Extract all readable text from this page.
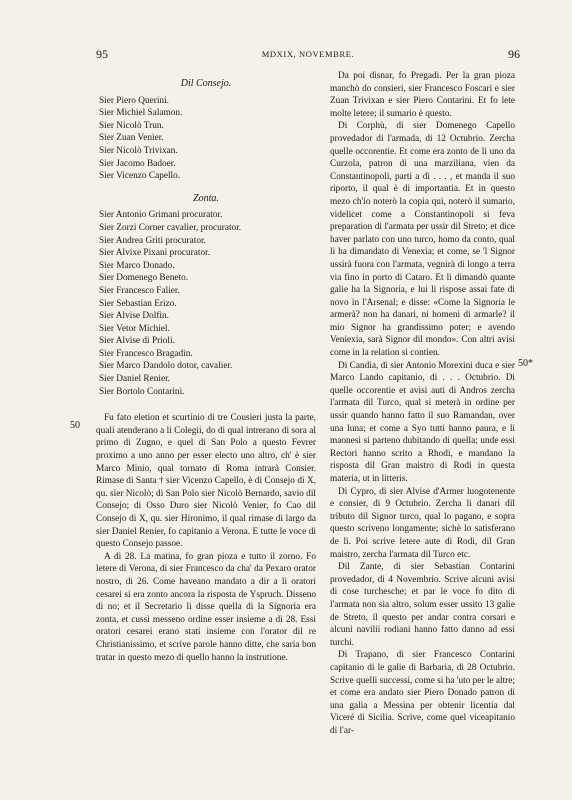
95	MDXIX, NOVEMBRE.	96
Dil Consejo.
Sier Piero Querini.
Sier Michiel Salamon.
Sier Nicolò Trun.
Sier Zuan Venier.
Sier Nicolò Trivixan.
Sier Jacomo Badoer.
Sier Vicenzo Capello.
Zonta.
Sier Antonio Grimani procurator.
Sier Zorzi Corner cavalier, procurator.
Sier Andrea Griti procurator.
Sier Alvixe Pixani procurator.
Sier Marco Donado.
Sier Domenego Beneto.
Sier Francesco Falier.
Sier Sebastian Erizo.
Sier Alvise Dolfin.
Sier Vetor Michiel.
Sier Alvise di Prioli.
Sier Francesco Bragadin.
Sier Marco Dandolo dotor, cavalier.
Sier Daniel Renier.
Sier Bortolo Contarini.

Fu fato eletion et scurtinio di tre Cousieri justa la parte, quali atenderano a li Colegii, do di qual intrerano di sora al primo di Zugno, e quel di San Polo a questo Fevrer proximo a uno anno per esser electo uno altro, ch' è sier Marco Minio, qual tornato di Roma intrarà Consier. Rimase di Santa † sier Vicenzo Capello, è di Consejo di X, qu. sier Nicolò; di San Polo sier Nicolò Bernardo, savio dil Consejo; di Osso Duro sier Nicolò Venier, fo Cao dil Consejo di X, qu. sier Hironimo, il qual rimase di largo da sier Daniel Renier, fo capitanio a Verona. E tutte le voce di questo Consejo passoe.

A dì 28. La matina, fo gran pioza e tutto il zorno. Fo letere di Verona, di sier Francesco da cha' da Pexaro orator nostro, di 26. Come haveano mandato a dir a li oratori cesarei si era zonto ancora la risposta de Yspruch. Disseno di no; et il Secretario li disse quella di la Signoria era zonta, et cussì messeno ordine esser insieme a dì 28. Essi oratori cesarei erano stati insieme con l'orator dil re Christianissimo, et scrive parole hanno ditte, che saria bon tratar in questo mezo di quello hanno la instrutione.

50
50*

Da poi disnar, fo Pregadi. Per la gran pioza manchò do consieri, sier Francesco Foscari e sier Zuan Trivixan e sier Piero Contarini. Et fo lete molte letere; il sumario è questo.

Di Corphù, di sier Domenego Capello provedador di l'armada, di 12 Octubrio. Zercha quelle occorentie. Et come era zonto de lì uno da Curzola, patron di una marziliana, vien da Constantinopoli, parti a dì . . . , et manda il suo riporto, il qual è di importantia. Et in questo mezo ch'io noterò la copia qui, noterò il sumario, videlicet come a Constantinopoli si feva preparation di l'armata per ussir dil Streto; et dice haver parlato con uno turco, homo da conto, qual li ha dimandato di Venexia; et come, se 'l Signor ussirà fuora con l'armata, vegnirà di longo a terra via fino in porto di Cataro. Et li dimandò quante galie ha la Signoria, e lui li rispose assai fate di novo in l'Arsenal; e disse: «Come la Signoria le armerà? non ha danari, ni homeni di armarle? il mio Signor ha grandissimo poter; e avendo Veniexia, sarà Signor dil mondo». Con altri avisi come in la relation si contien.

Di Candia, di sier Antonio Morexini duca e sier Marco Lando capitanio, di . . . Octubrio. Di quelle occorentie et avisi auti di Andros zercha l'armata dil Turco, qual si meterà in ordine per ussir quando hanno fatto il suo Ramandan, over una luna; et come a Syo tutti hanno paura, e li maonesi si parteno dubitando di quella; unde essi Rectori hanno scrito a Rhodi, e mandano la risposta dil Gran maistro di Rodi in questa materia, ut in litteris.

Di Cypro, di sier Alvise d'Armer luogotenente e consier, di 9 Octubrio. Zercha li danari dil tributo dil Signor turco, qual lo pagano, e sopra questo scriveno longamente; sichè lo satisferano de lì. Poi scrive letere aute di Rodi, dil Gran maistro, zercha l'armata dil Turco etc.

Dil Zante, di sier Sebastian Contarini provedador, di 4 Novembrio. Scrive alcuni avisi di cose turchesche; et par le voce fo dito di l'armata non sia altro, solum esser ussito 13 galie de Streto, il questo per andar contra corsari e alcuni navilii rodiani hanno fatto danno ad essi turchi.

Di Trapano, di sier Francesco Contarini capitanio di le galie di Barbaria, di 28 Octubrio. Scrive quelli successi, come si ha 'uto per le altre; et come era andato sier Piero Donado patron di una galia a Messina per obtenir licentia dal Viceré di Sicilia. Scrive, come quel viceapitanio di l'ar-
